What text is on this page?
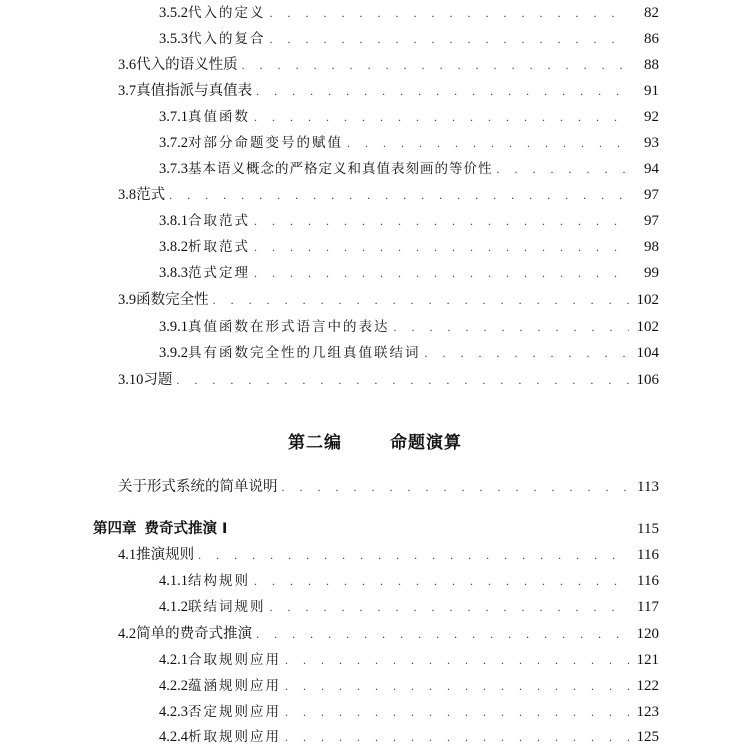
3.5.2 代入的定义 . . .	82
3.5.3 代入的复合 . . .	86
3.6 代入的语义性质 . . .	88
3.7 真值指派与真值表 . . .	91
3.7.1 真值函数 . . .	92
3.7.2 对部分命题变号的赋值 . . .	93
3.7.3 基本语义概念的严格定义和真值表刻画的等价性 . . .	94
3.8 范式 . . .	97
3.8.1 合取范式 . . .	97
3.8.2 析取范式 . . .	98
3.8.3 范式定理 . . .	99
3.9 函数完全性 . . .	102
3.9.1 真值函数在形式语言中的表达 . . .	102
3.9.2 具有函数完全性的几组真值联结词 . . .	104
3.10 习题 . . .	106
第二编	命题演算
关于形式系统的简单说明 . . .	113
第四章 费奇式推演 I	115
4.1 推演规则 . . .	116
4.1.1 结构规则 . . .	116
4.1.2 联结词规则 . . .	117
4.2 简单的费奇式推演 . . .	120
4.2.1 合取规则应用 . . .	121
4.2.2 蕴涵规则应用 . . .	122
4.2.3 否定规则应用 . . .	123
4.2.4 析取规则应用 . . .	125
